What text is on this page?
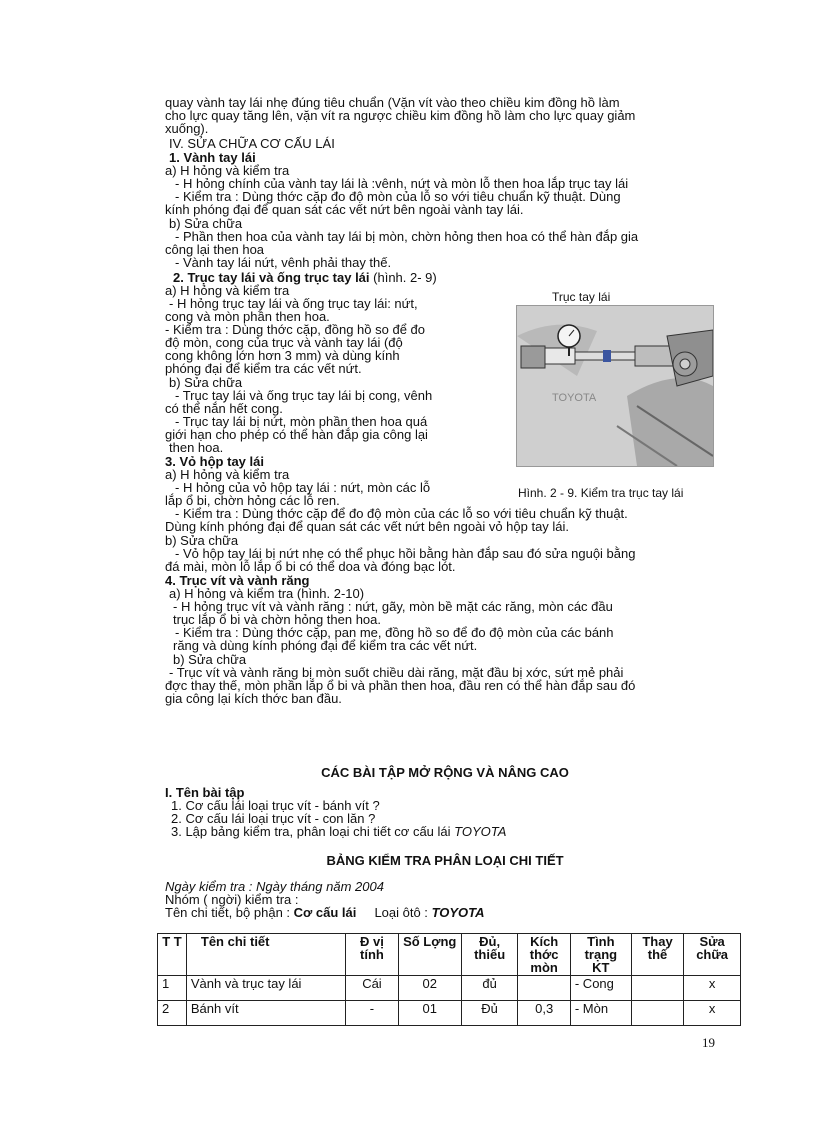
quay vành tay lái nhẹ đúng tiêu chuẩn (Vặn vít vào theo chiều kim đồng hồ làm
cho lực quay tăng lên, vặn vít ra ngược chiều kim đồng hồ làm cho lực quay giảm
xuống).
IV. SỬA CHỮA CƠ CẤU LÁI
1. Vành tay lái
a) H hỏng và kiểm tra
- H hỏng chính của vành tay lái là :vênh, nứt và mòn lỗ then hoa lắp trục tay lái
- Kiểm tra : Dùng thớc cặp đo độ mòn của lỗ so với tiêu chuẩn kỹ thuật. Dùng
kính phóng đại để quan sát các vết nứt bên ngoài vành tay lái.
b) Sửa chữa
- Phần then hoa của vành tay lái bị mòn, chờn hỏng then hoa có thể hàn đắp gia
công lại then hoa
- Vành tay lái nứt, vênh phải thay thế.
2. Trục tay lái và ống trục tay lái (hình. 2- 9)
a) H hỏng và kiểm tra
- H hỏng trục tay lái và ống trục tay lái: nứt,
cong và mòn phần then hoa.
- Kiểm tra : Dùng thớc cặp, đồng hồ so để đo
độ mòn, cong của trục và vành tay lái (độ
cong không lớn hơn 3 mm) và dùng kính
phóng đại để kiểm tra các vết nứt.
b) Sửa chữa
- Trục tay lái và ống trục tay lái bị cong, vênh
có thể nắn hết cong.
- Trục tay lái bị nứt, mòn phần then hoa quá
giới hạn cho phép có thể hàn đắp gia công lại
then hoa.
3. Vỏ hộp tay lái
a) H hỏng và kiểm tra
- H hỏng của vỏ hộp tay lái : nứt, mòn các lỗ
lắp ổ bi, chờn hỏng các lỗ ren.
- Kiểm tra : Dùng thớc cặp để đo độ mòn của các lỗ so với tiêu chuẩn kỹ thuật.
Dùng kính phóng đại để quan sát các vết nứt bên ngoài vỏ hộp tay lái.
b) Sửa chữa
- Vỏ hộp tay lái bị nứt nhẹ có thể phục hồi bằng hàn đắp sau đó sửa nguội bằng
đá mài, mòn lỗ lắp ổ bi có thể doa và đóng bạc lót.
4. Trục vít và vành răng
a) H hỏng và kiểm tra (hình. 2-10)
- H hỏng trục vít và vành răng : nứt, gãy, mòn bề mặt các răng, mòn các đầu
trục lắp ổ bi và chờn hỏng then hoa.
- Kiểm tra : Dùng thớc cặp, pan me, đồng hồ so để đo độ mòn của các bánh
răng và dùng kính phóng đại để kiểm tra các vết nứt.
b) Sửa chữa
- Trục vít và vành răng bị mòn suốt chiều dài răng, mặt đầu bị xớc, sứt mẻ phải
đợc thay thế, mòn phần lắp ổ bi và phần then hoa, đầu ren có thể hàn đắp sau đó
gia công lại kích thớc ban đầu.
CÁC BÀI TẬP MỞ RỘNG VÀ NÂNG CAO
I. Tên bài tập
1. Cơ cấu lái loại trục vít - bánh vít ?
2. Cơ cấu lái loại trục vít - con lăn ?
3. Lập bảng kiểm tra, phân loại chi tiết cơ cấu lái TOYOTA
BẢNG KIỂM TRA PHÂN LOẠI CHI TIẾT
Ngày kiểm tra : Ngày tháng năm 2004
Nhóm ( ngời) kiểm tra :
Tên chi tiết, bộ phận : Cơ cấu lái Loại ôtô : TOYOTA
Trục tay lái
TOYOTA
Hình. 2 - 9. Kiểm tra trục tay lái
T T	Tên chi tiết	Đ vị tính	Số Lợng	Đủ, thiếu	Kích thớc mòn	Tình trạng KT	Thay thế	Sửa chữa
1	Vành và trục tay lái	Cái	02	đủ		- Cong		x
2	Bánh vít	-	01	Đủ	0,3	- Mòn		x
19
